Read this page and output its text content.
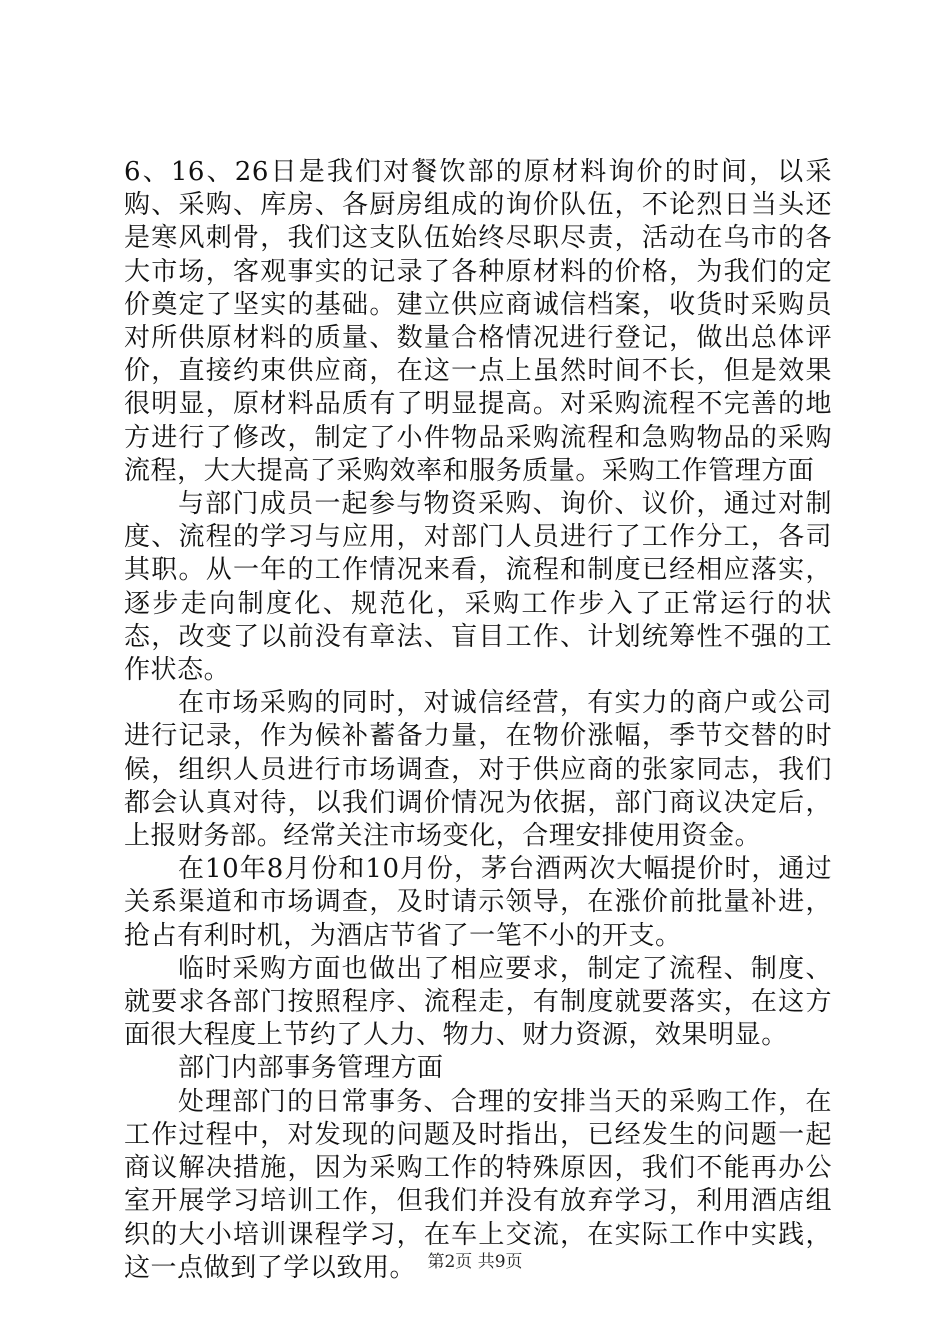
6、16、26日是我们对餐饮部的原材料询价的时间，以采购、采购、库房、各厨房组成的询价队伍，不论烈日当头还是寒风刺骨，我们这支队伍始终尽职尽责，活动在乌市的各大市场，客观事实的记录了各种原材料的价格，为我们的定价奠定了坚实的基础。建立供应商诚信档案，收货时采购员对所供原材料的质量、数量合格情况进行登记，做出总体评价，直接约束供应商，在这一点上虽然时间不长，但是效果很明显，原材料品质有了明显提高。对采购流程不完善的地方进行了修改，制定了小件物品采购流程和急购物品的采购流程，大大提高了采购效率和服务质量。采购工作管理方面

与部门成员一起参与物资采购、询价、议价，通过对制度、流程的学习与应用，对部门人员进行了工作分工，各司其职。从一年的工作情况来看，流程和制度已经相应落实，逐步走向制度化、规范化，采购工作步入了正常运行的状态，改变了以前没有章法、盲目工作、计划统筹性不强的工作状态。

在市场采购的同时，对诚信经营，有实力的商户或公司进行记录，作为候补蓄备力量，在物价涨幅，季节交替的时候，组织人员进行市场调查，对于供应商的张家同志，我们都会认真对待，以我们调价情况为依据，部门商议决定后，上报财务部。经常关注市场变化，合理安排使用资金。

在10年8月份和10月份，茅台酒两次大幅提价时，通过关系渠道和市场调查，及时请示领导，在涨价前批量补进，抢占有利时机，为酒店节省了一笔不小的开支。

临时采购方面也做出了相应要求，制定了流程、制度、就要求各部门按照程序、流程走，有制度就要落实，在这方面很大程度上节约了人力、物力、财力资源，效果明显。

部门内部事务管理方面

处理部门的日常事务、合理的安排当天的采购工作，在工作过程中，对发现的问题及时指出，已经发生的问题一起商议解决措施，因为采购工作的特殊原因，我们不能再办公室开展学习培训工作，但我们并没有放弃学习，利用酒店组织的大小培训课程学习，在车上交流，在实际工作中实践，这一点做到了学以致用。 第2页 共9页
